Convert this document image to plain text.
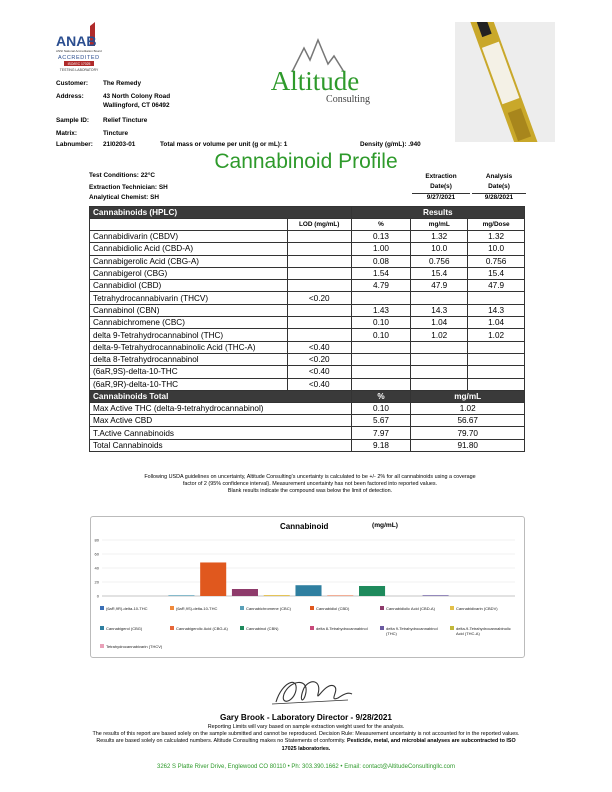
ANAB
ANSI National Accreditation Board
ACCREDITED
ISO/IEC 17025
TESTING LABORATORY	Altitude
Consulting
Customer: The Remedy
Address:	43 North Colony Road
Wallingford, CT 06492
Sample ID: Relief Tincture
Matrix:	Tincture
Labnumber: 21I0203-01	Total mass or volume per unit (g or mL): 1	Density (g/mL): .940
Cannabinoid Profile
Test Conditions: 22°C
Extraction Technician: SH
Analytical Chemist: SH
Extraction
Date(s)
9/27/2021
Analysis
Date(s)
9/28/2021
Cannabinoids (HPLC)		Results		
	LOD (mg/mL)	%	mg/mL	mg/Dose
Cannabidivarin (CBDV)		0.13	1.32	1.32
Cannabidiolic Acid (CBD-A)		1.00	10.0	10.0
Cannabigerolic Acid (CBG-A)		0.08	0.756	0.756
Cannabigerol (CBG)		1.54	15.4	15.4
Cannabidiol (CBD)		4.79	47.9	47.9
Tetrahydrocannabivarin (THCV)	<0.20			
Cannabinol (CBN)		1.43	14.3	14.3
Cannabichromene (CBC)		0.10	1.04	1.04
delta 9-Tetrahydrocannabinol (THC)		0.10	1.02	1.02
delta-9-Tetrahydrocannabinolic Acid (THC-A)	<0.40			
delta 8-Tetrahydrocannabinol	<0.20			
(6aR,9S)-delta-10-THC	<0.40			
(6aR,9R)-delta-10-THC	<0.40			
Cannabinoids Total		%	mg/mL	
Max Active THC (delta-9-tetrahydrocannabinol)		0.10	1.02	
Max Active CBD		5.67	56.67	
T.Active Cannabinoids		7.97	79.70	
Total Cannabinoids		9.18	91.80	
Following USDA guidelines on uncertainty, Altitude Consulting's uncertainty is calculated to be +/- 2% for all cannabinoids using a coverage
factor of 2 (95% confidence interval). Measurement uncertainty has not been factored into reported values.
Blank results indicate the compound was below the limit of detection.
Cannabinoid	(mg/mL)
0
20
40
60
80
(6aR,9R)-delta-10-THC	(6aR,9S)-delta-10-THC	Cannabichromene (CBC)	Cannabidiol (CBD)	Cannabidiolic Acid (CBD-A)	Cannabidivarin (CBDV)
Cannabigerol (CBG)	Cannabigerolic Acid (CBG-A)	Cannabinol (CBN)	delta 8-Tetrahydrocannabinol	delta 9-Tetrahydrocannabinol (THC)
delta-9-Tetrahydrocannabinolic Acid (THC-A)
Tetrahydrocannabivarin (THCV)
Gary Brook - Laboratory Director - 9/28/2021
Reporting Limits will vary based on sample extraction weight used for the analysis.
The results of this report are based solely on the sample submitted and cannot be reproduced. Decision Rule: Measurement uncertainty is not accounted for in the reported values.
Results are based solely on calculated numbers. Altitude Consulting makes no Statements of conformity. Pesticide, metal, and microbial analyses are subcontracted to ISO
17025 laboratories.
3262 S Platte River Drive, Englewood CO 80110 • Ph: 303.390.1662 • Email: contact@AltitudeConsultingllc.com
